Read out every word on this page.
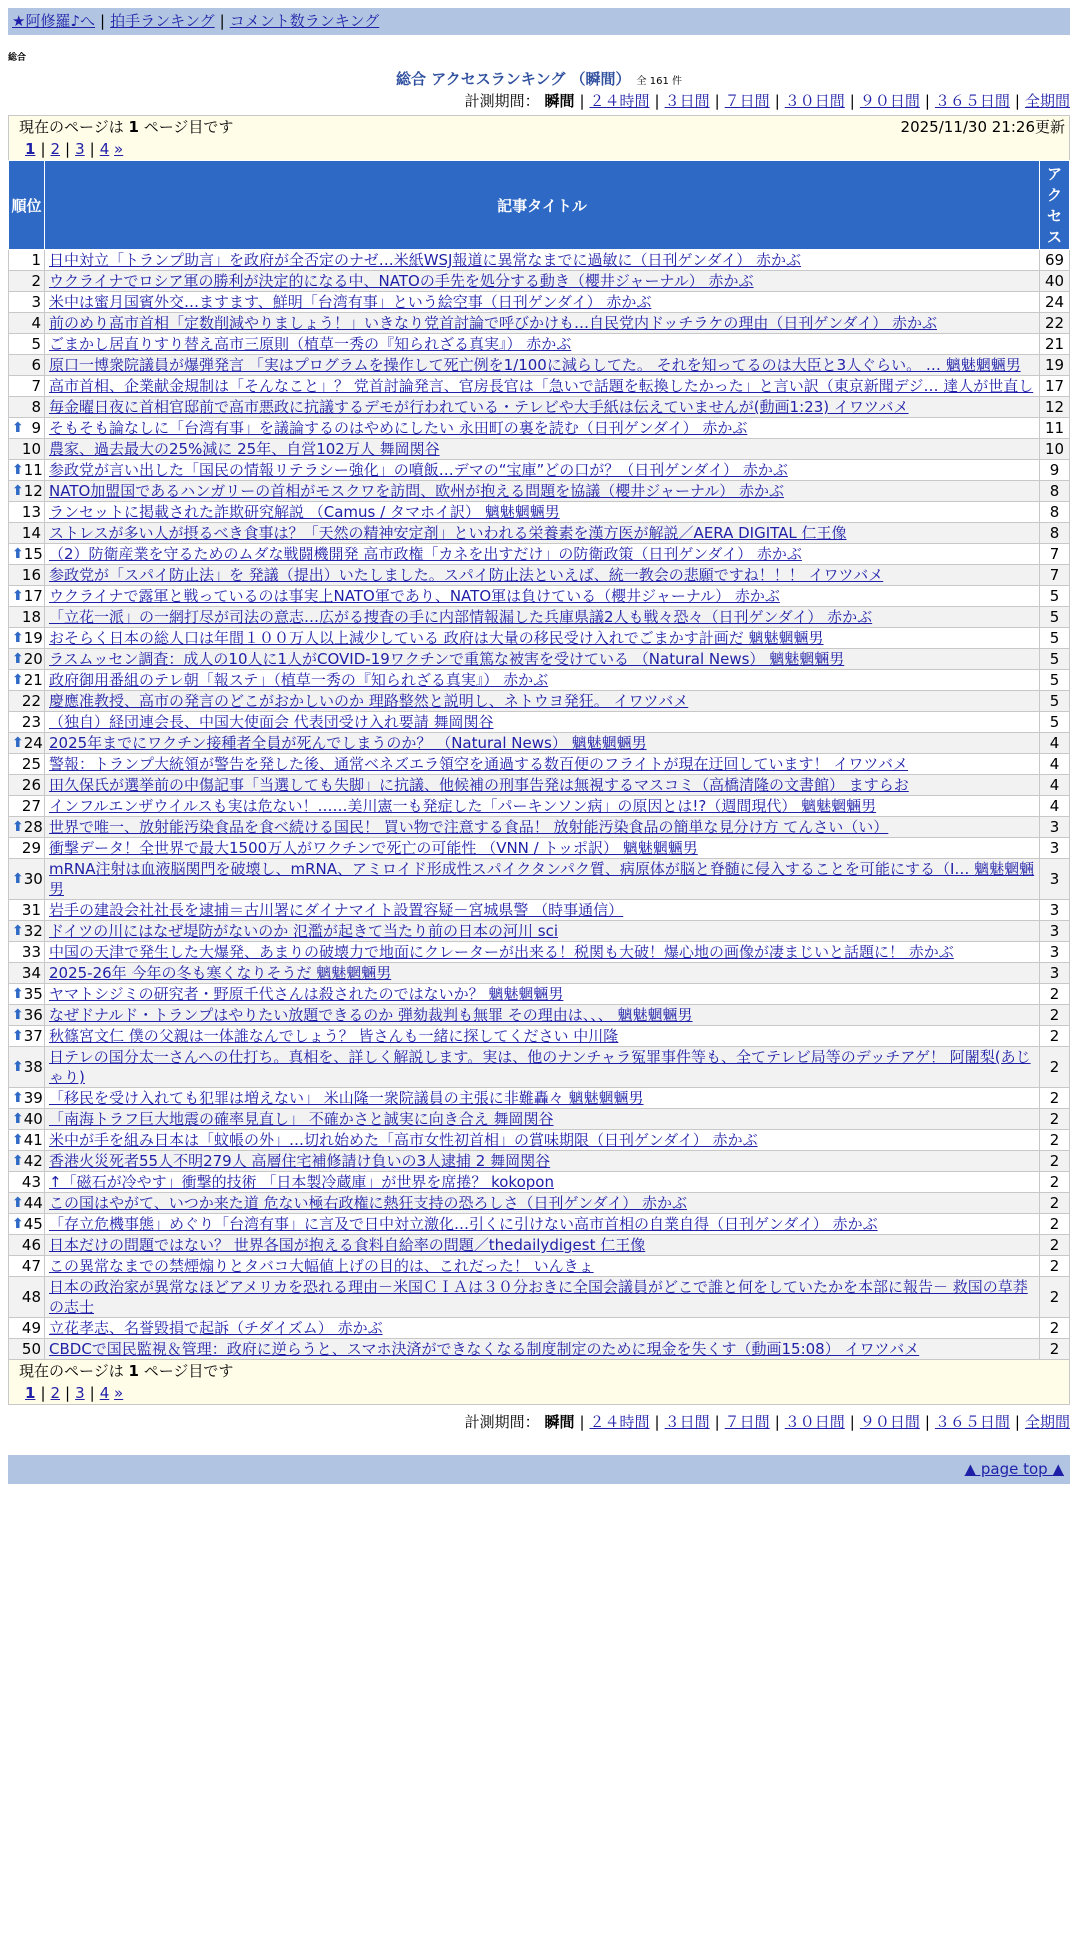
★阿修羅♪へ | 拍手ランキング | コメント数ランキング
総合
総合 アクセスランキング （瞬間） 全 161 件
計測期間： 瞬間 | ２４時間 | ３日間 | ７日間 | ３０日間 | ９０日間 | ３６５日間 | 全期間
現在のページは 1 ページ目です	2025/11/30 21:26更新
1 | 2 | 3 | 4 »
順位	記事タイトル	アクセス
1	日中対立「トランプ助言」を政府が全否定のナゼ…米紙WSJ報道に異常なまでに過敏に（日刊ゲンダイ） 赤かぶ	69
2	ウクライナでロシア軍の勝利が決定的になる中、NATOの手先を処分する動き（櫻井ジャーナル） 赤かぶ	40
3	米中は蜜月国賓外交…ますます、鮮明「台湾有事」という絵空事（日刊ゲンダイ） 赤かぶ	24
4	前のめり高市首相「定数削減やりましょう！」いきなり党首討論で呼びかけも…自民党内ドッチラケの理由（日刊ゲンダイ） 赤かぶ	22
5	ごまかし居直りすり替え高市三原則（植草一秀の『知られざる真実』） 赤かぶ	21
6	原口一博衆院議員が爆弾発言 「実はプログラムを操作して死亡例を1/100に減らしてた。 それを知ってるのは大臣と3人ぐらい。 … 魑魅魍魎男	19
7	高市首相、企業献金規制は「そんなこと」？ 党首討論発言、官房長官は「急いで話題を転換したかった」と言い訳（東京新聞デジ… 達人が世直し	17
8	毎金曜日夜に首相官邸前で高市悪政に抗議するデモが行われている・テレビや大手紙は伝えていませんが(動画1:23) イワツバメ	12

⬆ 9	そもそも論なしに「台湾有事」を議論するのはやめにしたい 永田町の裏を読む（日刊ゲンダイ） 赤かぶ	11
10	農家、過去最大の25%減に 25年、自営102万人 舞岡関谷	10

⬆ 11	参政党が言い出した「国民の情報リテラシー強化」の噴飯…デマの“宝庫”どの口が？（日刊ゲンダイ） 赤かぶ	9

⬆ 12	NATO加盟国であるハンガリーの首相がモスクワを訪問、欧州が抱える問題を協議（櫻井ジャーナル） 赤かぶ	8
13	ランセットに掲載された詐欺研究解説 （Camus / タマホイ訳） 魑魅魍魎男	8
14	ストレスが多い人が摂るべき食事は？「天然の精神安定剤」といわれる栄養素を漢方医が解説／AERA DIGITAL 仁王像	8

⬆ 15	（2）防衛産業を守るためのムダな戦闘機開発 高市政権「カネを出すだけ」の防衛政策（日刊ゲンダイ） 赤かぶ	7
16	参政党が「スパイ防止法」を 発議（提出）いたしました。スパイ防止法といえば、統一教会の悲願ですね！！！ イワツバメ	7

⬆ 17	ウクライナで露軍と戦っているのは事実上NATO軍であり、NATO軍は負けている（櫻井ジャーナル） 赤かぶ	5
18	「立花一派」の一網打尽が司法の意志…広がる捜査の手に内部情報漏した兵庫県議2人も戦々恐々（日刊ゲンダイ） 赤かぶ	5

⬆ 19	おそらく日本の総人口は年間１００万人以上減少している 政府は大量の移民受け入れでごまかす計画だ 魑魅魍魎男	5

⬆ 20	ラスムッセン調査：成人の10人に1人がCOVID-19ワクチンで重篤な被害を受けている （Natural News） 魑魅魍魎男	5

⬆ 21	政府御用番組のテレ朝「報ステ」（植草一秀の『知られざる真実』） 赤かぶ	5
22	慶應准教授、高市の発言のどこがおかしいのか 理路整然と説明し、ネトウヨ発狂。 イワツバメ	5
23	（独自）経団連会長、中国大使面会 代表団受け入れ要請 舞岡関谷	5

⬆ 24	2025年までにワクチン接種者全員が死んでしまうのか？ （Natural News） 魑魅魍魎男	4
25	警報：トランプ大統領が警告を発した後、通常ベネズエラ領空を通過する数百便のフライトが現在迂回しています！ イワツバメ	4
26	田久保氏が選挙前の中傷記事「当選しても失脚」に抗議、他候補の刑事告発は無視するマスコミ（高橋清隆の文書館） ますらお	4
27	インフルエンザウイルスも実は危ない！……美川憲一も発症した「パーキンソン病」の原因とは!?（週間現代） 魑魅魍魎男	4

⬆ 28	世界で唯一、放射能汚染食品を食べ続ける国民！ 買い物で注意する食品！ 放射能汚染食品の簡単な見分け方 てんさい（い）	3
29	衝撃データ！全世界で最大1500万人がワクチンで死亡の可能性 （VNN / トッポ訳） 魑魅魍魎男	3

⬆ 30	mRNA注射は血液脳関門を破壊し、mRNA、アミロイド形成性スパイクタンパク質、病原体が脳と脊髄に侵入することを可能にする（I… 魑魅魍魎男	3
31	岩手の建設会社社長を逮捕＝古川署にダイナマイト設置容疑－宮城県警 （時事通信）	3

⬆ 32	ドイツの川にはなぜ堤防がないのか 氾濫が起きて当たり前の日本の河川 sci	3
33	中国の天津で発生した大爆発、あまりの破壊力で地面にクレーターが出来る！税関も大破！爆心地の画像が凄まじいと話題に！ 赤かぶ	3
34	2025-26年 今年の冬も寒くなりそうだ 魑魅魍魎男	3

⬆ 35	ヤマトシジミの研究者・野原千代さんは殺されたのではないか？ 魑魅魍魎男	2

⬆ 36	なぜドナルド・トランプはやりたい放題できるのか 弾劾裁判も無罪 その理由は、、、 魑魅魍魎男	2

⬆ 37	秋篠宮文仁 僕の父親は一体誰なんでしょう？ 皆さんも一緒に探してください 中川隆	2

⬆ 38	日テレの国分太一さんへの仕打ち。真相を、詳しく解説します。実は、他のナンチャラ冤罪事件等も、全てテレビ局等のデッチアゲ！ 阿闍梨(あじゃり)	2

⬆ 39	「移民を受け入れても犯罪は増えない」 米山隆一衆院議員の主張に非難轟々 魑魅魍魎男	2

⬆ 40	「南海トラフ巨大地震の確率見直し」 不確かさと誠実に向き合え 舞岡関谷	2

⬆ 41	米中が手を組み日本は「蚊帳の外」…切れ始めた「高市女性初首相」の賞味期限（日刊ゲンダイ） 赤かぶ	2

⬆ 42	香港火災死者55人不明279人 高層住宅補修請け負いの3人逮捕 2 舞岡関谷	2
43	↑「磁石が冷やす」衝撃的技術 「日本製冷蔵庫」が世界を席捲？ kokopon	2

⬆ 44	この国はやがて、いつか来た道 危ない極右政権に熱狂支持の恐ろしさ（日刊ゲンダイ） 赤かぶ	2

⬆ 45	「存立危機事態」めぐり「台湾有事」に言及で日中対立激化…引くに引けない高市首相の自業自得（日刊ゲンダイ） 赤かぶ	2
46	日本だけの問題ではない？ 世界各国が抱える食料自給率の問題／thedailydigest 仁王像	2
47	この異常なまでの禁煙煽りとタバコ大幅値上げの目的は、これだった！ いんきょ	2
48	日本の政治家が異常なほどアメリカを恐れる理由－米国ＣＩＡは３０分おきに全国会議員がどこで誰と何をしていたかを本部に報告－ 救国の草莽の志士	2
49	立花孝志、名誉毀損で起訴（チダイズム） 赤かぶ	2
50	CBDCで国民監視＆管理：政府に逆らうと、スマホ決済ができなくなる制度制定のために現金を失くす（動画15:08） イワツバメ	2
現在のページは 1 ページ目です
1 | 2 | 3 | 4 »
計測期間： 瞬間 | ２４時間 | ３日間 | ７日間 | ３０日間 | ９０日間 | ３６５日間 | 全期間
▲ page top ▲
